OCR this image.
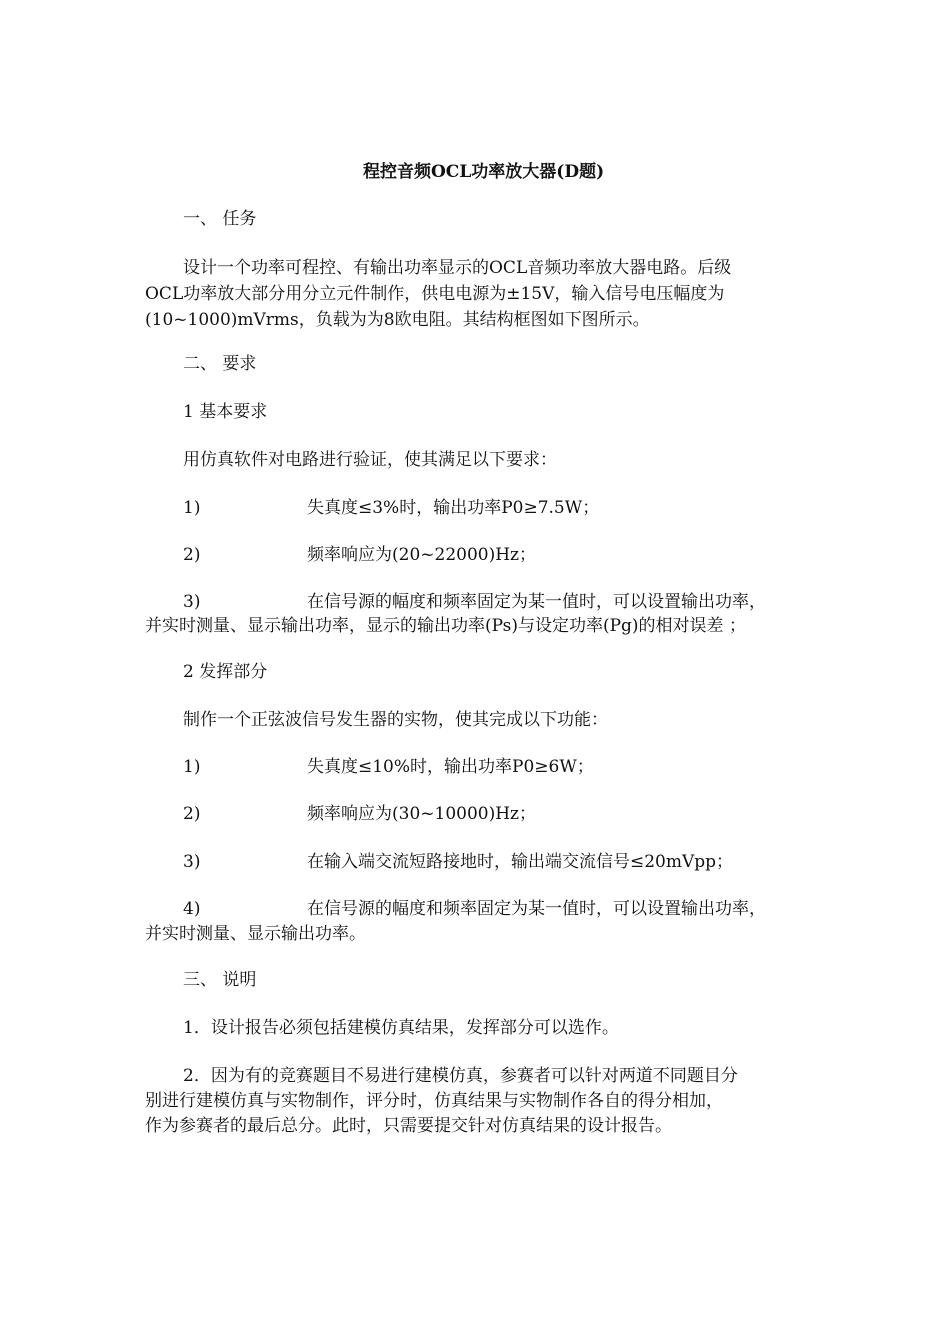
程控音频OCL功率放大器(D题)
一、 任务
设计一个功率可程控、有输出功率显示的OCL音频功率放大器电路。后级
OCL功率放大部分用分立元件制作，供电电源为±15V，输入信号电压幅度为
(10~1000)mVrms，负载为为8欧电阻。其结构框图如下图所示。
二、 要求
1 基本要求
用仿真软件对电路进行验证，使其满足以下要求：
1)	失真度≤3%时，输出功率P0≥7.5W；
2)	频率响应为(20~22000)Hz；
3)	在信号源的幅度和频率固定为某一值时，可以设置输出功率，
并实时测量、显示输出功率，显示的输出功率(Ps)与设定功率(Pg)的相对误差 ；
2 发挥部分
制作一个正弦波信号发生器的实物，使其完成以下功能：
1)	失真度≤10%时，输出功率P0≥6W；
2)	频率响应为(30~10000)Hz；
3)	在输入端交流短路接地时，输出端交流信号≤20mVpp；
4)	在信号源的幅度和频率固定为某一值时，可以设置输出功率，
并实时测量、显示输出功率。
三、 说明
1．设计报告必须包括建模仿真结果，发挥部分可以选作。
2．因为有的竞赛题目不易进行建模仿真，参赛者可以针对两道不同题目分
别进行建模仿真与实物制作，评分时，仿真结果与实物制作各自的得分相加，
作为参赛者的最后总分。此时，只需要提交针对仿真结果的设计报告。
